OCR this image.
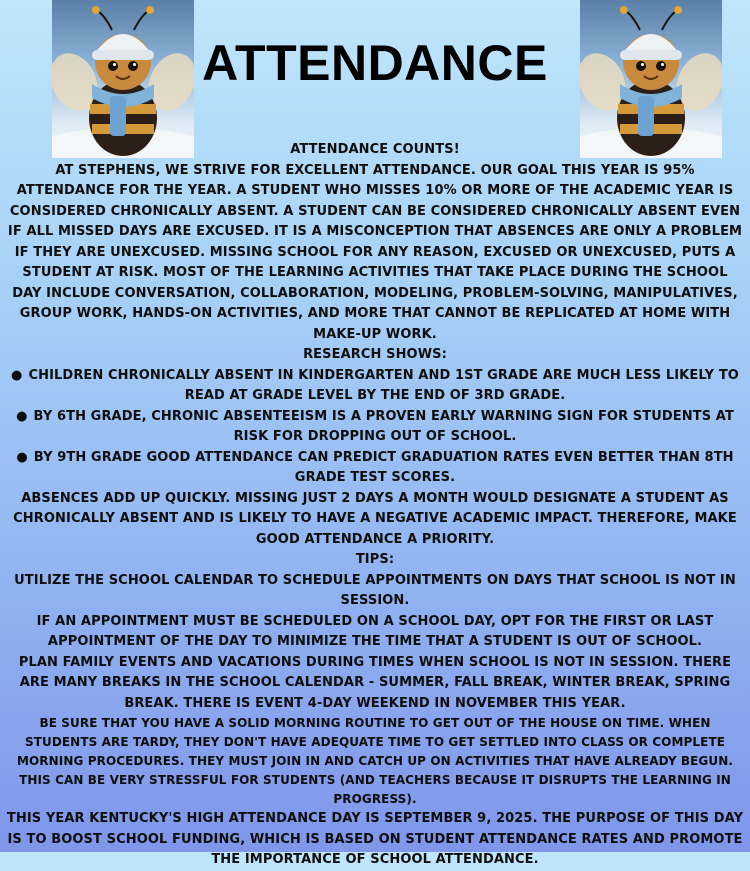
ATTENDANCE

ATTENDANCE COUNTS!

AT STEPHENS, WE STRIVE FOR EXCELLENT ATTENDANCE. OUR GOAL THIS YEAR IS 95% ATTENDANCE FOR THE YEAR. A STUDENT WHO MISSES 10% OR MORE OF THE ACADEMIC YEAR IS CONSIDERED CHRONICALLY ABSENT. A STUDENT CAN BE CONSIDERED CHRONICALLY ABSENT EVEN IF ALL MISSED DAYS ARE EXCUSED. IT IS A MISCONCEPTION THAT ABSENCES ARE ONLY A PROBLEM IF THEY ARE UNEXCUSED. MISSING SCHOOL FOR ANY REASON, EXCUSED OR UNEXCUSED, PUTS A STUDENT AT RISK. MOST OF THE LEARNING ACTIVITIES THAT TAKE PLACE DURING THE SCHOOL DAY INCLUDE CONVERSATION, COLLABORATION, MODELING, PROBLEM-SOLVING, MANIPULATIVES, GROUP WORK, HANDS-ON ACTIVITIES, AND MORE THAT CANNOT BE REPLICATED AT HOME WITH MAKE-UP WORK.

RESEARCH SHOWS:

● CHILDREN CHRONICALLY ABSENT IN KINDERGARTEN AND 1ST GRADE ARE MUCH LESS LIKELY TO READ AT GRADE LEVEL BY THE END OF 3RD GRADE.

● BY 6TH GRADE, CHRONIC ABSENTEEISM IS A PROVEN EARLY WARNING SIGN FOR STUDENTS AT RISK FOR DROPPING OUT OF SCHOOL.

● BY 9TH GRADE GOOD ATTENDANCE CAN PREDICT GRADUATION RATES EVEN BETTER THAN 8TH GRADE TEST SCORES.

ABSENCES ADD UP QUICKLY. MISSING JUST 2 DAYS A MONTH WOULD DESIGNATE A STUDENT AS CHRONICALLY ABSENT AND IS LIKELY TO HAVE A NEGATIVE ACADEMIC IMPACT. THEREFORE, MAKE GOOD ATTENDANCE A PRIORITY.

TIPS:

UTILIZE THE SCHOOL CALENDAR TO SCHEDULE APPOINTMENTS ON DAYS THAT SCHOOL IS NOT IN SESSION.

IF AN APPOINTMENT MUST BE SCHEDULED ON A SCHOOL DAY, OPT FOR THE FIRST OR LAST APPOINTMENT OF THE DAY TO MINIMIZE THE TIME THAT A STUDENT IS OUT OF SCHOOL.

PLAN FAMILY EVENTS AND VACATIONS DURING TIMES WHEN SCHOOL IS NOT IN SESSION. THERE ARE MANY BREAKS IN THE SCHOOL CALENDAR - SUMMER, FALL BREAK, WINTER BREAK, SPRING BREAK. THERE IS EVENT 4-DAY WEEKEND IN NOVEMBER THIS YEAR.

BE SURE THAT YOU HAVE A SOLID MORNING ROUTINE TO GET OUT OF THE HOUSE ON TIME. WHEN STUDENTS ARE TARDY, THEY DON'T HAVE ADEQUATE TIME TO GET SETTLED INTO CLASS OR COMPLETE MORNING PROCEDURES. THEY MUST JOIN IN AND CATCH UP ON ACTIVITIES THAT HAVE ALREADY BEGUN. THIS CAN BE VERY STRESSFUL FOR STUDENTS (AND TEACHERS BECAUSE IT DISRUPTS THE LEARNING IN PROGRESS).

THIS YEAR KENTUCKY'S HIGH ATTENDANCE DAY IS SEPTEMBER 9, 2025. THE PURPOSE OF THIS DAY IS TO BOOST SCHOOL FUNDING, WHICH IS BASED ON STUDENT ATTENDANCE RATES AND PROMOTE THE IMPORTANCE OF SCHOOL ATTENDANCE.
